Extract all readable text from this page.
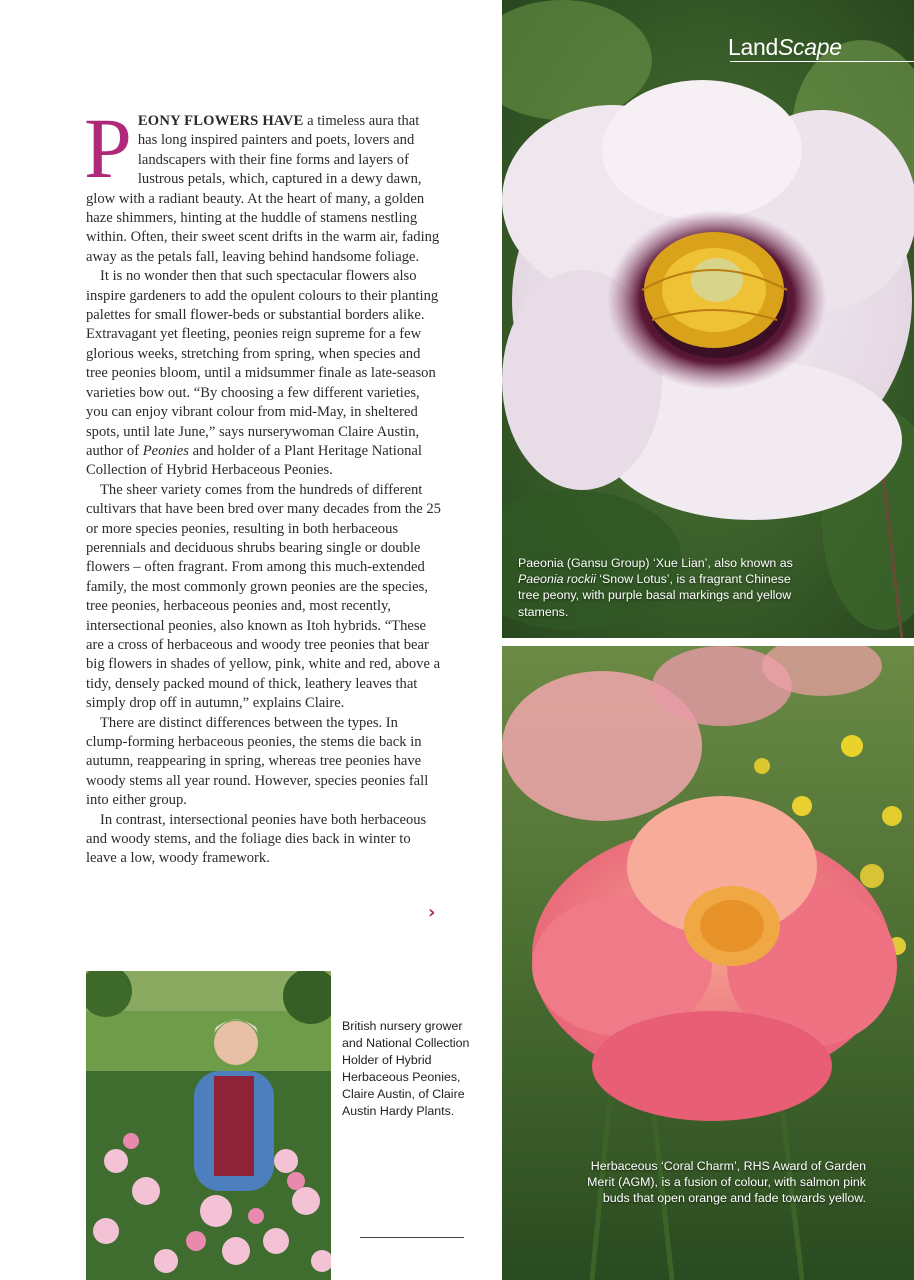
PEONY FLOWERS HAVE a timeless aura that has long inspired painters and poets, lovers and landscapers with their fine forms and layers of lustrous petals, which, captured in a dewy dawn, glow with a radiant beauty. At the heart of many, a golden haze shimmers, hinting at the huddle of stamens nestling within. Often, their sweet scent drifts in the warm air, fading away as the petals fall, leaving behind handsome foliage.

It is no wonder then that such spectacular flowers also inspire gardeners to add the opulent colours to their planting palettes for small flower-beds or substantial borders alike. Extravagant yet fleeting, peonies reign supreme for a few glorious weeks, stretching from spring, when species and tree peonies bloom, until a midsummer finale as late-season varieties bow out. “By choosing a few different varieties, you can enjoy vibrant colour from mid-May, in sheltered spots, until late June,” says nurserywoman Claire Austin, author of Peonies and holder of a Plant Heritage National Collection of Hybrid Herbaceous Peonies.

The sheer variety comes from the hundreds of different cultivars that have been bred over many decades from the 25 or more species peonies, resulting in both herbaceous perennials and deciduous shrubs bearing single or double flowers – often fragrant. From among this much-extended family, the most commonly grown peonies are the species, tree peonies, herbaceous peonies and, most recently, intersectional peonies, also known as Itoh hybrids. “These are a cross of herbaceous and woody tree peonies that bear big flowers in shades of yellow, pink, white and red, above a tidy, densely packed mound of thick, leathery leaves that simply drop off in autumn,” explains Claire.

There are distinct differences between the types. In clump-forming herbaceous peonies, the stems die back in autumn, reappearing in spring, whereas tree peonies have woody stems all year round. However, species peonies fall into either group.

In contrast, intersectional peonies have both herbaceous and woody stems, and the foliage dies back in winter to leave a low, woody framework.

›
Paeonia (Gansu Group) ‘Xue Lian’, also known as Paeonia rockii ‘Snow Lotus’, is a fragrant Chinese tree peony, with purple basal markings and yellow stamens.
LandScape
Herbaceous ‘Coral Charm’, RHS Award of Garden Merit (AGM), is a fusion of colour, with salmon pink buds that open orange and fade towards yellow.
British nursery grower and National Collection Holder of Hybrid Herbaceous Peonies, Claire Austin, of Claire Austin Hardy Plants.
